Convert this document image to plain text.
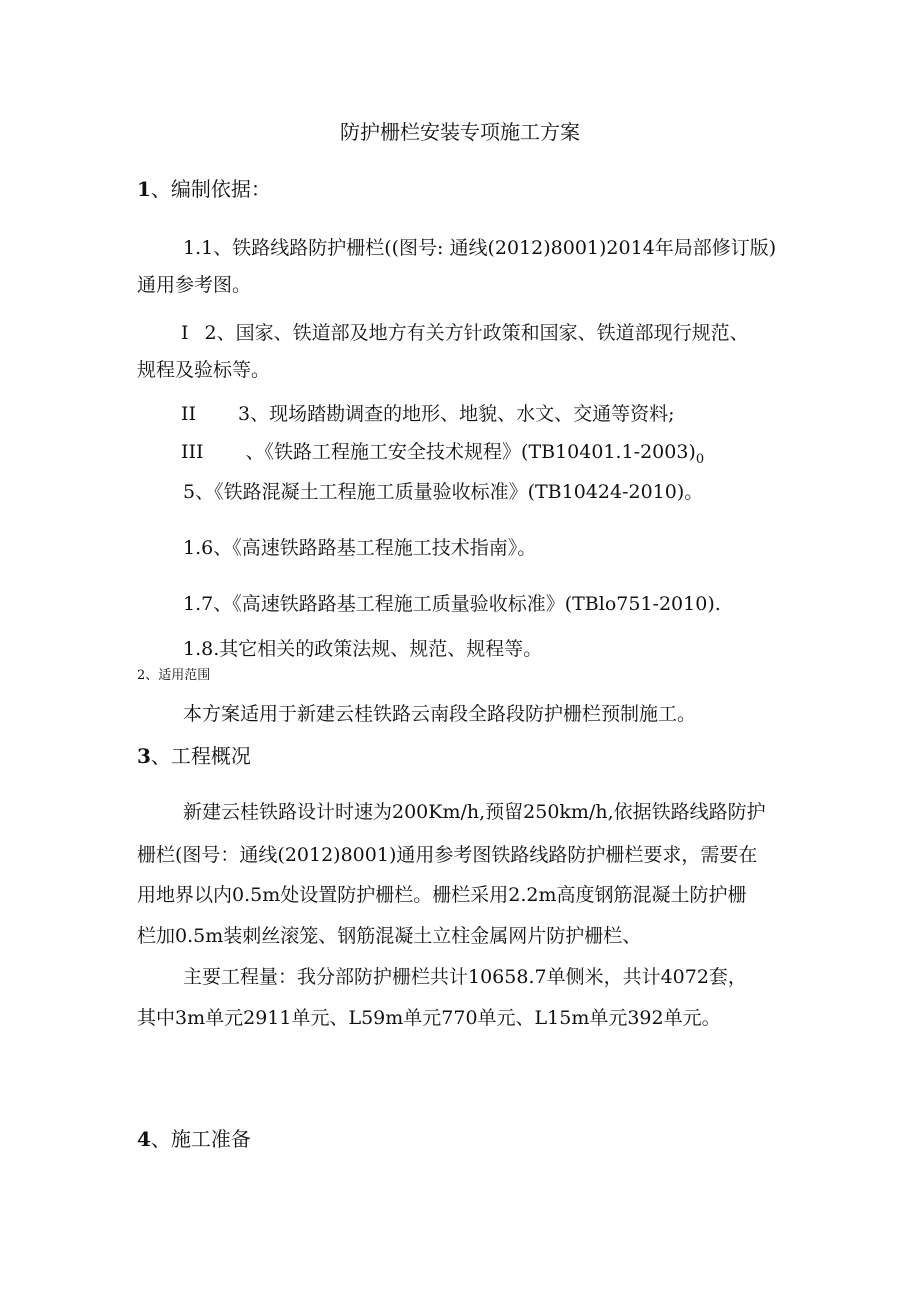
防护栅栏安装专项施工方案

1、编制依据：

1.1、铁路线路防护栅栏((图号: 通线(2012)8001)2014年局部修订版)

通用参考图。

I 2、国家、铁道部及地方有关方针政策和国家、铁道部现行规范、

规程及验标等。

II 3、现场踏勘调查的地形、地貌、水文、交通等资料;

III 、《铁路工程施工安全技术规程》$(TB10401.1-2003)_0$

5、《铁路混凝土工程施工质量验收标准》(TB10424-2010)。

1.6、《高速铁路路基工程施工技术指南》。

1.7、《高速铁路路基工程施工质量验收标准》(TBlo751-2010).

1.8.其它相关的政策法规、规范、规程等。

2、适用范围

本方案适用于新建云桂铁路云南段全路段防护栅栏预制施工。

3、工程概况

新建云桂铁路设计时速为200Km/h,预留250km/h,依据铁路线路防护

栅栏(图号：通线(2012)8001)通用参考图铁路线路防护栅栏要求，需要在

用地界以内0.5m处设置防护栅栏。栅栏采用2.2m高度钢筋混凝土防护栅

栏加0.5m装刺丝滚笼、钢筋混凝土立柱金属网片防护栅栏、

主要工程量：我分部防护栅栏共计10658.7单侧米，共计4072套，

其中3m单元2911单元、L59m单元770单元、L15m单元392单元。

4、施工准备
